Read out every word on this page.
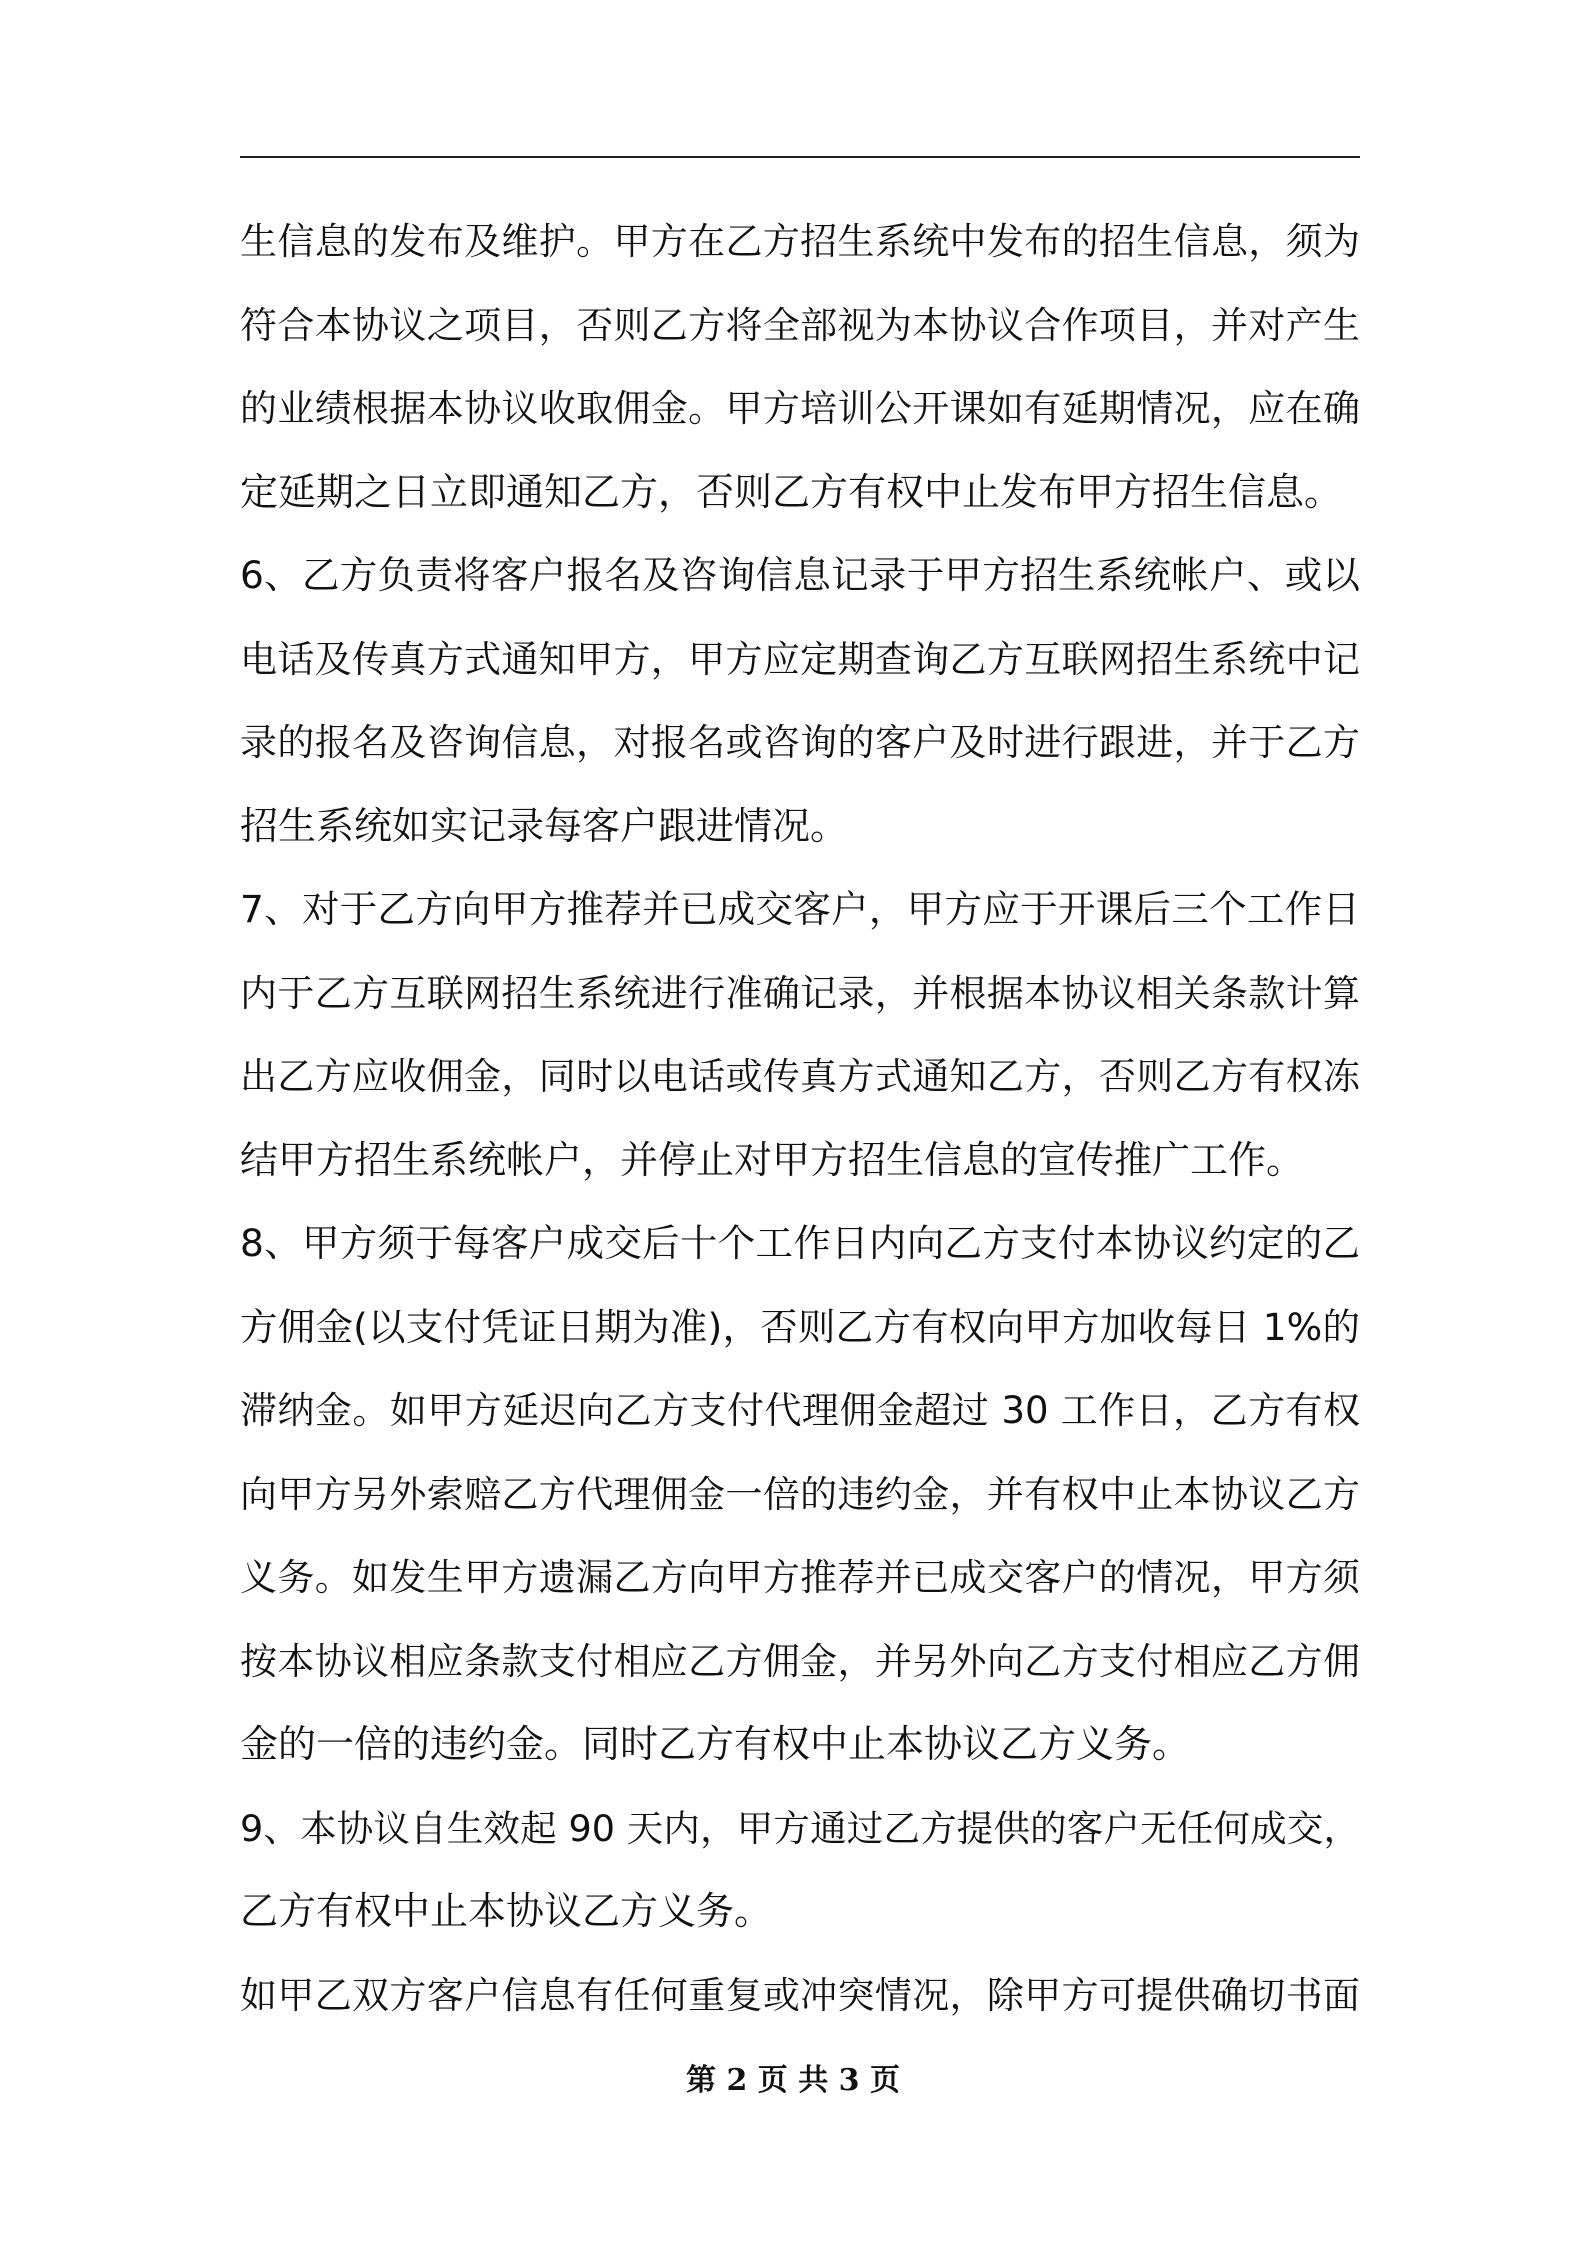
生信息的发布及维护。甲方在乙方招生系统中发布的招生信息，须为
符合本协议之项目，否则乙方将全部视为本协议合作项目，并对产生
的业绩根据本协议收取佣金。甲方培训公开课如有延期情况，应在确
定延期之日立即通知乙方，否则乙方有权中止发布甲方招生信息。
6、乙方负责将客户报名及咨询信息记录于甲方招生系统帐户、或以
电话及传真方式通知甲方，甲方应定期查询乙方互联网招生系统中记
录的报名及咨询信息，对报名或咨询的客户及时进行跟进，并于乙方
招生系统如实记录每客户跟进情况。
7、对于乙方向甲方推荐并已成交客户，甲方应于开课后三个工作日
内于乙方互联网招生系统进行准确记录，并根据本协议相关条款计算
出乙方应收佣金，同时以电话或传真方式通知乙方，否则乙方有权冻
结甲方招生系统帐户，并停止对甲方招生信息的宣传推广工作。
8、甲方须于每客户成交后十个工作日内向乙方支付本协议约定的乙
方佣金(以支付凭证日期为准)，否则乙方有权向甲方加收每日 1%的
滞纳金。如甲方延迟向乙方支付代理佣金超过 30 工作日，乙方有权
向甲方另外索赔乙方代理佣金一倍的违约金，并有权中止本协议乙方
义务。如发生甲方遗漏乙方向甲方推荐并已成交客户的情况，甲方须
按本协议相应条款支付相应乙方佣金，并另外向乙方支付相应乙方佣
金的一倍的违约金。同时乙方有权中止本协议乙方义务。
9、本协议自生效起 90 天内，甲方通过乙方提供的客户无任何成交，
乙方有权中止本协议乙方义务。
如甲乙双方客户信息有任何重复或冲突情况，除甲方可提供确切书面
第 2 页 共 3 页
